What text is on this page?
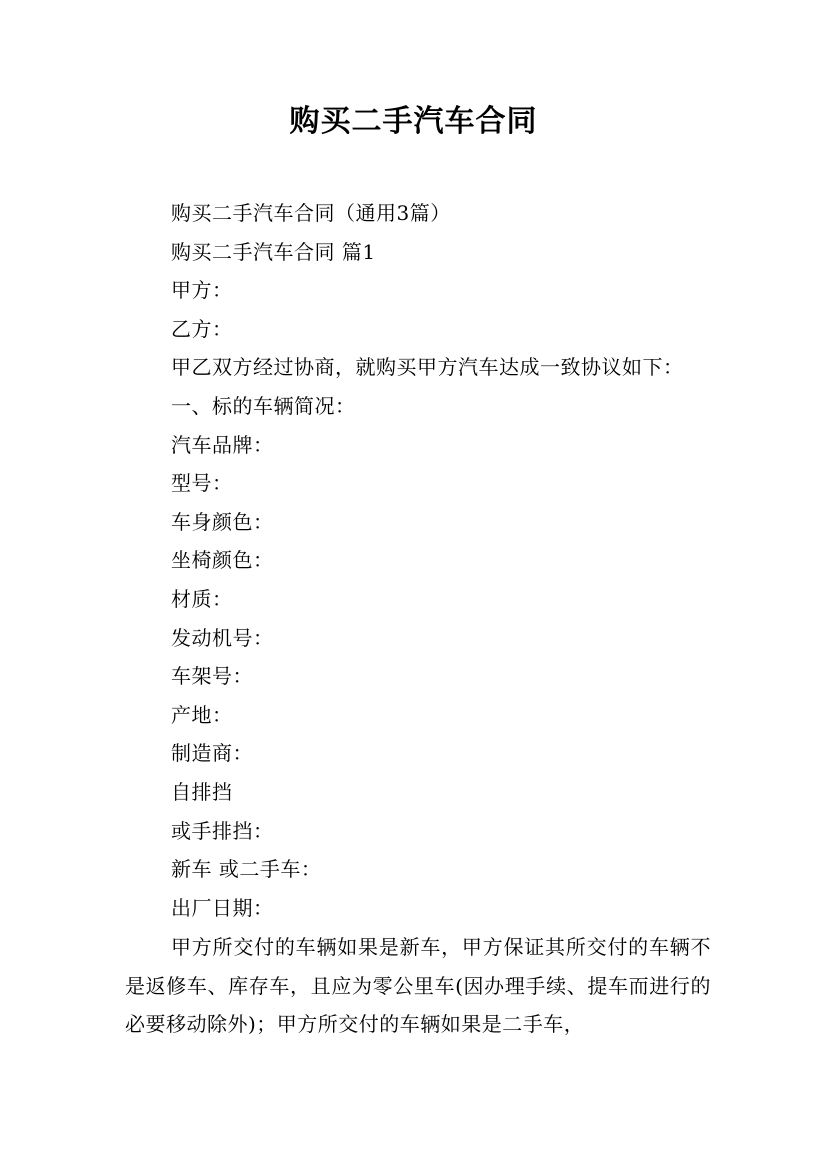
购买二手汽车合同
购买二手汽车合同（通用3篇）
购买二手汽车合同 篇1
甲方：
乙方：
甲乙双方经过协商，就购买甲方汽车达成一致协议如下：
一、标的车辆简况：
汽车品牌：
型号：
车身颜色：
坐椅颜色：
材质：
发动机号：
车架号：
产地：
制造商：
自排挡
或手排挡：
新车 或二手车：
出厂日期：

甲方所交付的车辆如果是新车，甲方保证其所交付的车辆不是返修车、库存车，且应为零公里车(因办理手续、提车而进行的必要移动除外)；甲方所交付的车辆如果是二手车，
